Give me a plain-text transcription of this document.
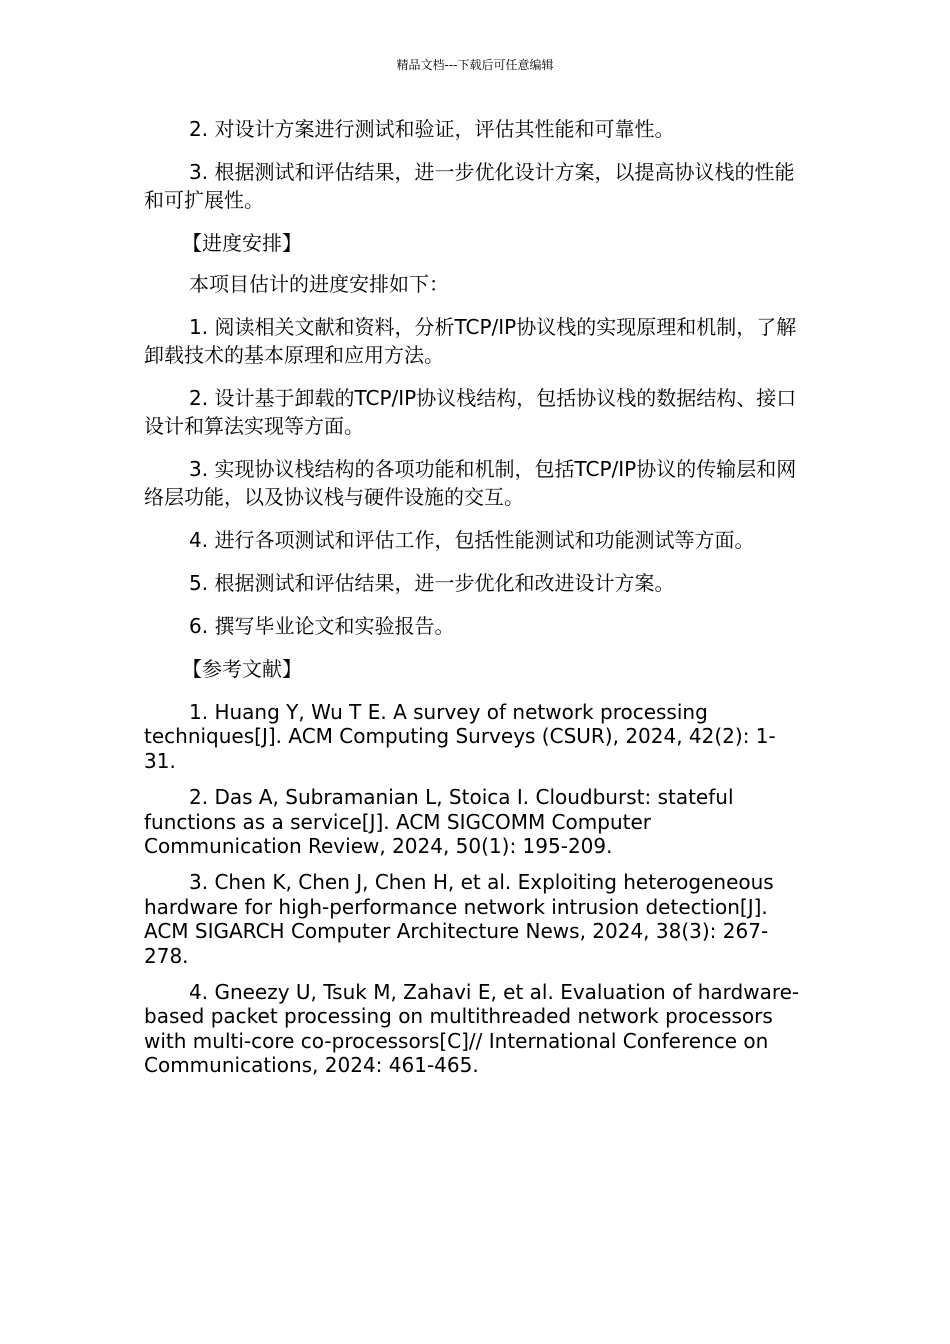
精品文档---下载后可任意编辑

2. 对设计方案进行测试和验证，评估其性能和可靠性。

3. 根据测试和评估结果，进一步优化设计方案，以提高协议栈的性能和可扩展性。

【进度安排】

本项目估计的进度安排如下：

1. 阅读相关文献和资料，分析TCP/IP协议栈的实现原理和机制，了解卸载技术的基本原理和应用方法。

2. 设计基于卸载的TCP/IP协议栈结构，包括协议栈的数据结构、接口设计和算法实现等方面。

3. 实现协议栈结构的各项功能和机制，包括TCP/IP协议的传输层和网络层功能，以及协议栈与硬件设施的交互。

4. 进行各项测试和评估工作，包括性能测试和功能测试等方面。

5. 根据测试和评估结果，进一步优化和改进设计方案。

6. 撰写毕业论文和实验报告。

【参考文献】

1. Huang Y, Wu T E. A survey of network processing techniques[J]. ACM Computing Surveys (CSUR), 2024, 42(2): 1-31.

2. Das A, Subramanian L, Stoica I. Cloudburst: stateful functions as a service[J]. ACM SIGCOMM Computer Communication Review, 2024, 50(1): 195-209.

3. Chen K, Chen J, Chen H, et al. Exploiting heterogeneous hardware for high-performance network intrusion detection[J]. ACM SIGARCH Computer Architecture News, 2024, 38(3): 267-278.

4. Gneezy U, Tsuk M, Zahavi E, et al. Evaluation of hardware-based packet processing on multithreaded network processors with multi-core co-processors[C]// International Conference on Communications, 2024: 461-465.
